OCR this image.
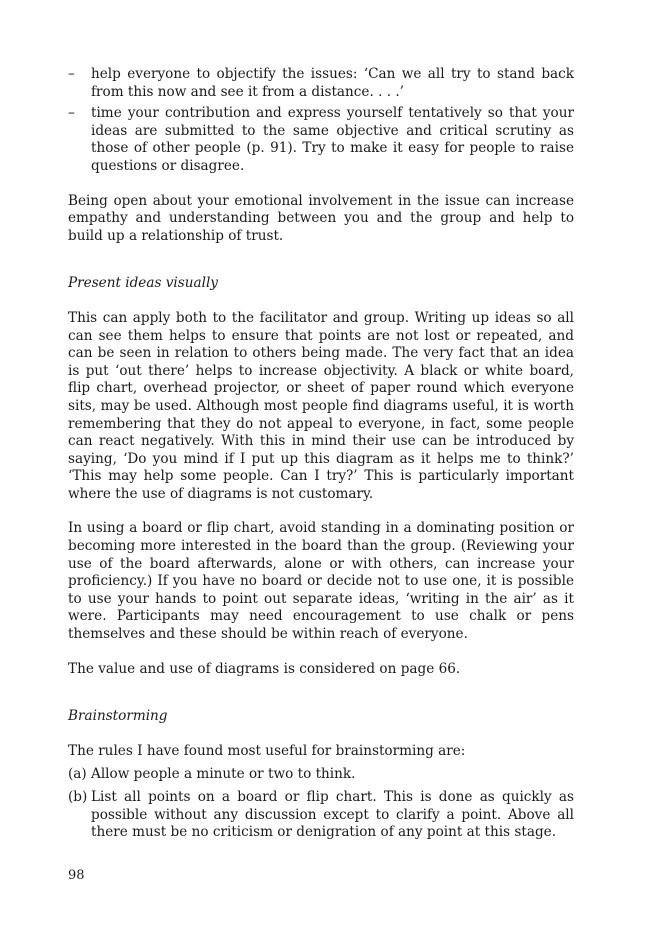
–	help everyone to objectify the issues: ‘Can we all try to stand back from this now and see it from a distance. . . .’
–	time your contribution and express yourself tentatively so that your ideas are submitted to the same objective and critical scrutiny as those of other people (p. 91). Try to make it easy for people to raise questions or disagree.

Being open about your emotional involvement in the issue can increase empathy and understanding between you and the group and help to build up a relationship of trust.

Present ideas visually

This can apply both to the facilitator and group. Writing up ideas so all can see them helps to ensure that points are not lost or repeated, and can be seen in relation to others being made. The very fact that an idea is put ‘out there’ helps to increase objectivity. A black or white board, flip chart, overhead projector, or sheet of paper round which everyone sits, may be used. Although most people find diagrams useful, it is worth remembering that they do not appeal to everyone, in fact, some people can react negatively. With this in mind their use can be introduced by saying, ‘Do you mind if I put up this diagram as it helps me to think?’ ‘This may help some people. Can I try?’ This is particularly important where the use of diagrams is not customary.

In using a board or flip chart, avoid standing in a dominating position or becoming more interested in the board than the group. (Reviewing your use of the board afterwards, alone or with others, can increase your proficiency.) If you have no board or decide not to use one, it is possible to use your hands to point out separate ideas, ‘writing in the air’ as it were. Participants may need encouragement to use chalk or pens themselves and these should be within reach of everyone.

The value and use of diagrams is considered on page 66.

Brainstorming

The rules I have found most useful for brainstorming are:

(a) Allow people a minute or two to think.
(b) List all points on a board or flip chart. This is done as quickly as possible without any discussion except to clarify a point. Above all there must be no criticism or denigration of any point at this stage.
98
